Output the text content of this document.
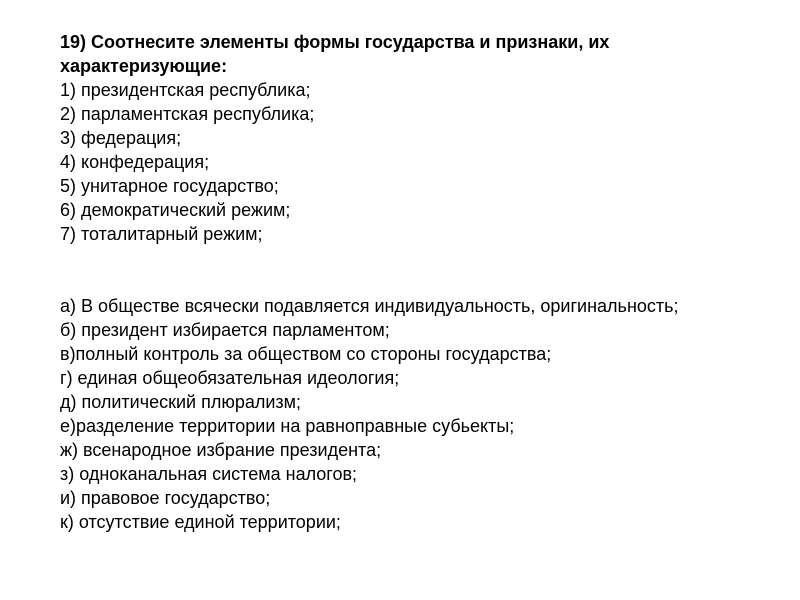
19) Соотнесите элементы формы государства и признаки, их характеризующие:

1) президентская республика;
2) парламентская республика;
3) федерация;
4) конфедерация;
5) унитарное государство;
6) демократический режим;
7) тоталитарный режим;
а) В обществе всячески подавляется индивидуальность, оригинальность;
б) президент избирается парламентом;
в)полный контроль за обществом со стороны государства;
г) единая общеобязательная идеология;
д) политический плюрализм;
е)разделение территории на равноправные субьекты;
ж) всенародное избрание президента;
з) одноканальная система налогов;
и) правовое государство;
к) отсутствие единой территории;
